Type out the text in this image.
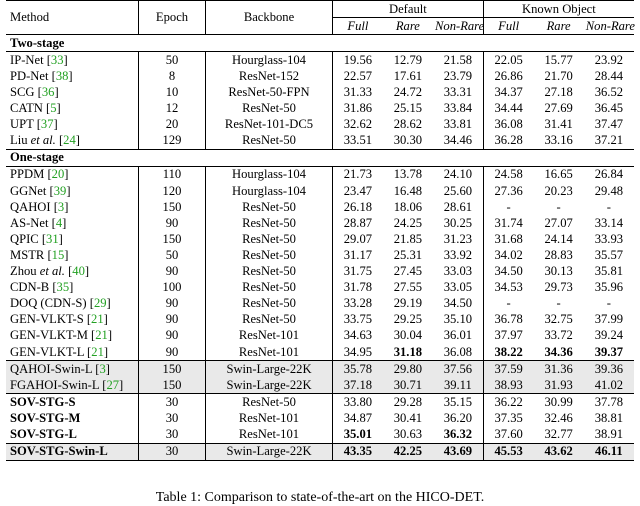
Method	Epoch	Backbone	Default			Known Object		
			Full	Rare	Non-Rare	Full	Rare	Non-Rare
Two-stage								
IP-Net [33]	50	Hourglass-104	19.56	12.79	21.58	22.05	15.77	23.92
PD-Net [38]	8	ResNet-152	22.57	17.61	23.79	26.86	21.70	28.44
SCG [36]	10	ResNet-50-FPN	31.33	24.72	33.31	34.37	27.18	36.52
CATN [5]	12	ResNet-50	31.86	25.15	33.84	34.44	27.69	36.45
UPT [37]	20	ResNet-101-DC5	32.62	28.62	33.81	36.08	31.41	37.47
Liu et al. [24]	129	ResNet-50	33.51	30.30	34.46	36.28	33.16	37.21
One-stage								
PPDM [20]	110	Hourglass-104	21.73	13.78	24.10	24.58	16.65	26.84
GGNet [39]	120	Hourglass-104	23.47	16.48	25.60	27.36	20.23	29.48
QAHOI [3]	150	ResNet-50	26.18	18.06	28.61	-	-	-
AS-Net [4]	90	ResNet-50	28.87	24.25	30.25	31.74	27.07	33.14
QPIC [31]	150	ResNet-50	29.07	21.85	31.23	31.68	24.14	33.93
MSTR [15]	50	ResNet-50	31.17	25.31	33.92	34.02	28.83	35.57
Zhou et al. [40]	90	ResNet-50	31.75	27.45	33.03	34.50	30.13	35.81
CDN-B [35]	100	ResNet-50	31.78	27.55	33.05	34.53	29.73	35.96
DOQ (CDN-S) [29]	90	ResNet-50	33.28	29.19	34.50	-	-	-
GEN-VLKT-S [21]	90	ResNet-50	33.75	29.25	35.10	36.78	32.75	37.99
GEN-VLKT-M [21]	90	ResNet-101	34.63	30.04	36.01	37.97	33.72	39.24
GEN-VLKT-L [21]	90	ResNet-101	34.95	31.18	36.08	38.22	34.36	39.37
QAHOI-Swin-L [3]	150	Swin-Large-22K	35.78	29.80	37.56	37.59	31.36	39.36
FGAHOI-Swin-L [27]	150	Swin-Large-22K	37.18	30.71	39.11	38.93	31.93	41.02
SOV-STG-S	30	ResNet-50	33.80	29.28	35.15	36.22	30.99	37.78
SOV-STG-M	30	ResNet-101	34.87	30.41	36.20	37.35	32.46	38.81
SOV-STG-L	30	ResNet-101	35.01	30.63	36.32	37.60	32.77	38.91
SOV-STG-Swin-L	30	Swin-Large-22K	43.35	42.25	43.69	45.53	43.62	46.11
Table 1: Comparison to state-of-the-art on the HICO-DET.
